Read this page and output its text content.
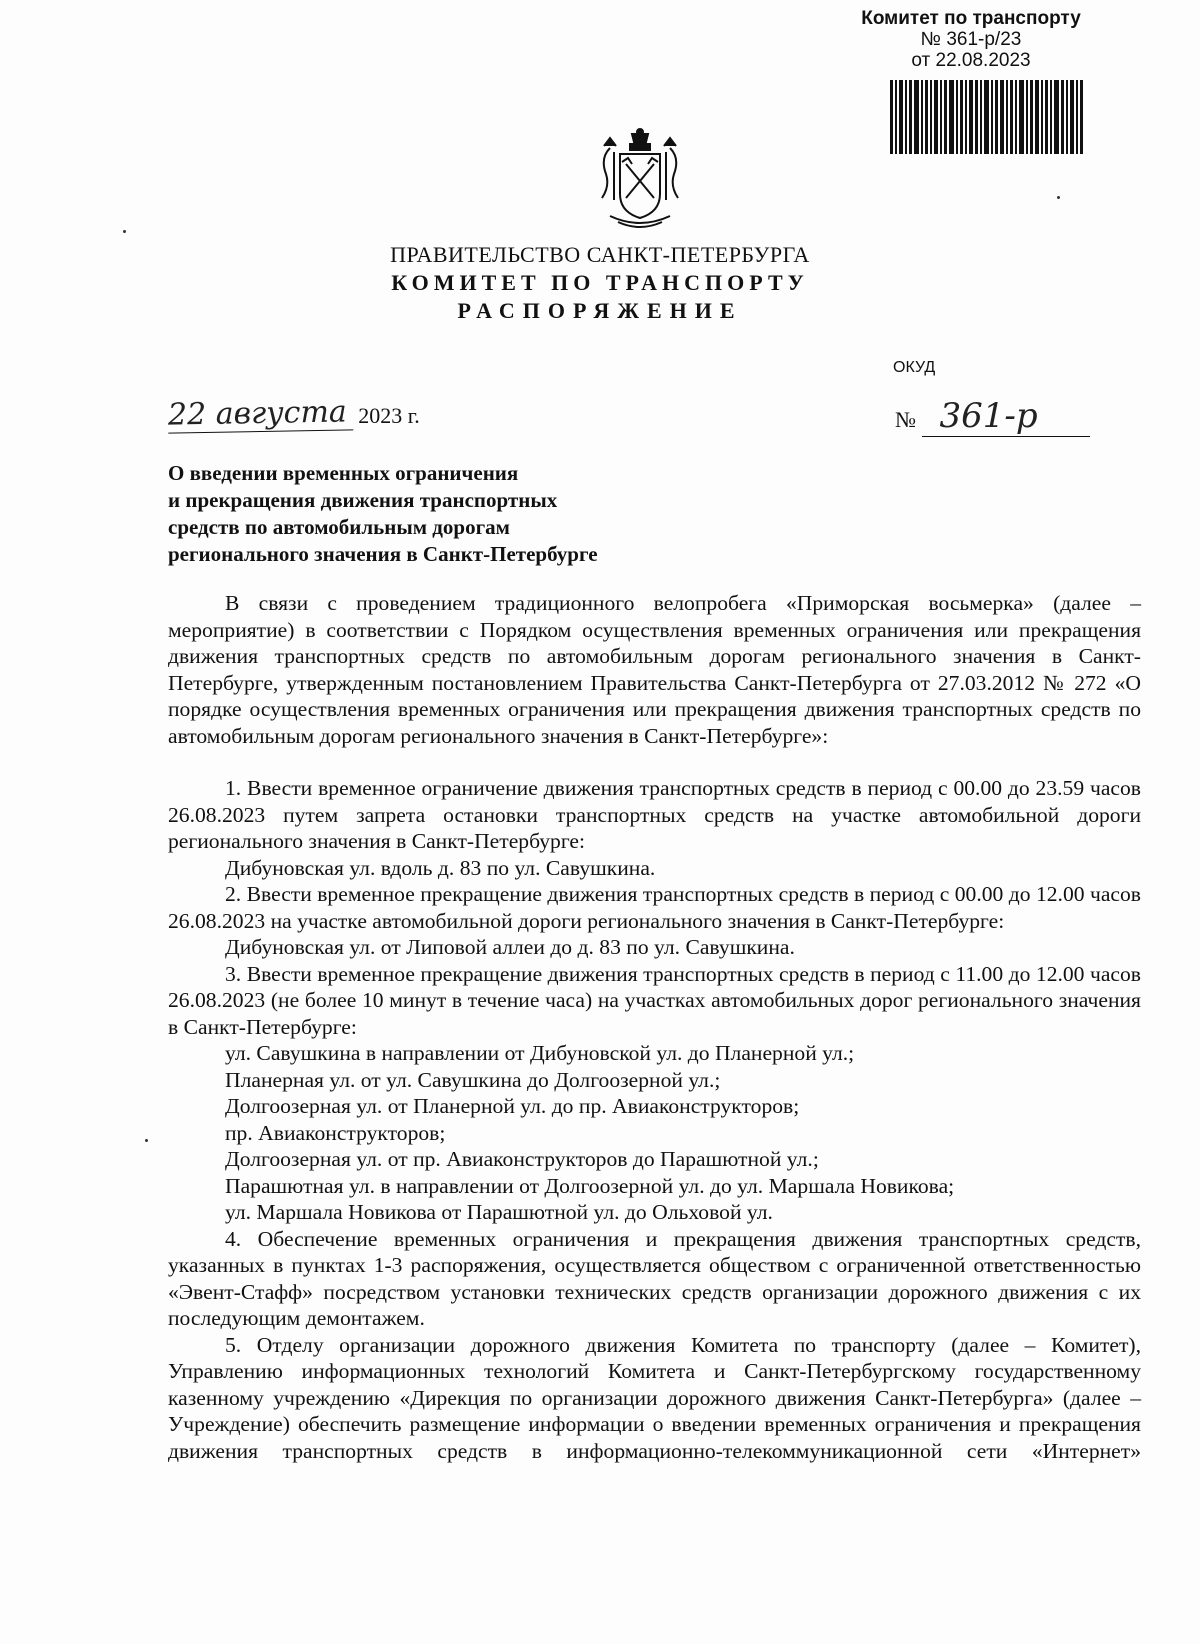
Комитет по транспорту
№ 361-р/23
от 22.08.2023
ПРАВИТЕЛЬСТВО САНКТ-ПЕТЕРБУРГА
КОМИТЕТ ПО ТРАНСПОРТУ
РАСПОРЯЖЕНИЕ
ОКУД
22 августа 2023 г.	№ 361-р
О введении временных ограничения
и прекращения движения транспортных
средств по автомобильным дорогам
регионального значения в Санкт-Петербурге

В связи с проведением традиционного велопробега «Приморская восьмерка» (далее – мероприятие) в соответствии с Порядком осуществления временных ограничения или прекращения движения транспортных средств по автомобильным дорогам регионального значения в Санкт-Петербурге, утвержденным постановлением Правительства Санкт-Петербурга от 27.03.2012 № 272 «О порядке осуществления временных ограничения или прекращения движения транспортных средств по автомобильным дорогам регионального значения в Санкт-Петербурге»:

1. Ввести временное ограничение движения транспортных средств в период с 00.00 до 23.59 часов 26.08.2023 путем запрета остановки транспортных средств на участке автомобильной дороги регионального значения в Санкт-Петербурге:

Дибуновская ул. вдоль д. 83 по ул. Савушкина.

2. Ввести временное прекращение движения транспортных средств в период с 00.00 до 12.00 часов 26.08.2023 на участке автомобильной дороги регионального значения в Санкт-Петербурге:

Дибуновская ул. от Липовой аллеи до д. 83 по ул. Савушкина.

3. Ввести временное прекращение движения транспортных средств в период с 11.00 до 12.00 часов 26.08.2023 (не более 10 минут в течение часа) на участках автомобильных дорог регионального значения в Санкт-Петербурге:

ул. Савушкина в направлении от Дибуновской ул. до Планерной ул.;

Планерная ул. от ул. Савушкина до Долгоозерной ул.;

Долгоозерная ул. от Планерной ул. до пр. Авиаконструкторов;

пр. Авиаконструкторов;

Долгоозерная ул. от пр. Авиаконструкторов до Парашютной ул.;

Парашютная ул. в направлении от Долгоозерной ул. до ул. Маршала Новикова;

ул. Маршала Новикова от Парашютной ул. до Ольховой ул.

4. Обеспечение временных ограничения и прекращения движения транспортных средств, указанных в пунктах 1-3 распоряжения, осуществляется обществом с ограниченной ответственностью «Эвент-Стафф» посредством установки технических средств организации дорожного движения с их последующим демонтажем.

5. Отделу организации дорожного движения Комитета по транспорту (далее – Комитет), Управлению информационных технологий Комитета и Санкт-Петербургскому государственному казенному учреждению «Дирекция по организации дорожного движения Санкт-Петербурга» (далее – Учреждение) обеспечить размещение информации о введении временных ограничения и прекращения движения транспортных средств в информационно-телекоммуникационной сети «Интернет»
